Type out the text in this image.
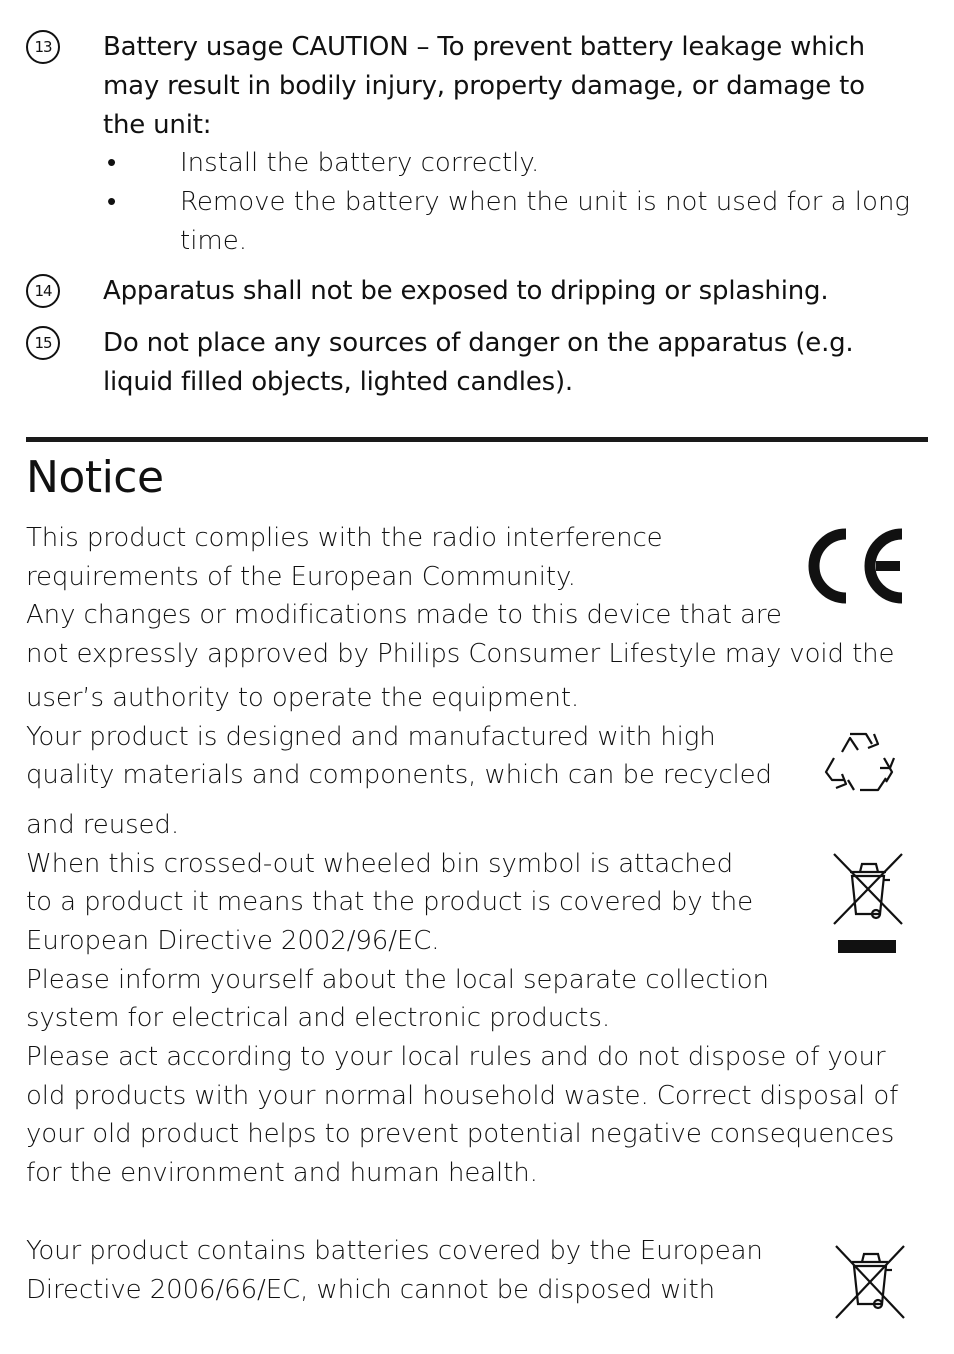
13	Battery usage CAUTION – To prevent battery leakage which
may result in bodily injury, property damage, or damage to
the unit:
• Install the battery correctly.
• Remove the battery when the unit is not used for a long
time.
14	Apparatus shall not be exposed to dripping or splashing.
15	Do not place any sources of danger on the apparatus (e.g.
liquid filled objects, lighted candles).
Notice
This product complies with the radio interference
requirements of the European Community.
Any changes or modifications made to this device that are
not expressly approved by Philips Consumer Lifestyle may void the
user’s authority to operate the equipment.
Your product is designed and manufactured with high
quality materials and components, which can be recycled
and reused.
When this crossed-out wheeled bin symbol is attached
to a product it means that the product is covered by the
European Directive 2002/96/EC.
Please inform yourself about the local separate collection
system for electrical and electronic products.
Please act according to your local rules and do not dispose of your
old products with your normal household waste. Correct disposal of
your old product helps to prevent potential negative consequences
for the environment and human health.
Your product contains batteries covered by the European
Directive 2006/66/EC, which cannot be disposed with
